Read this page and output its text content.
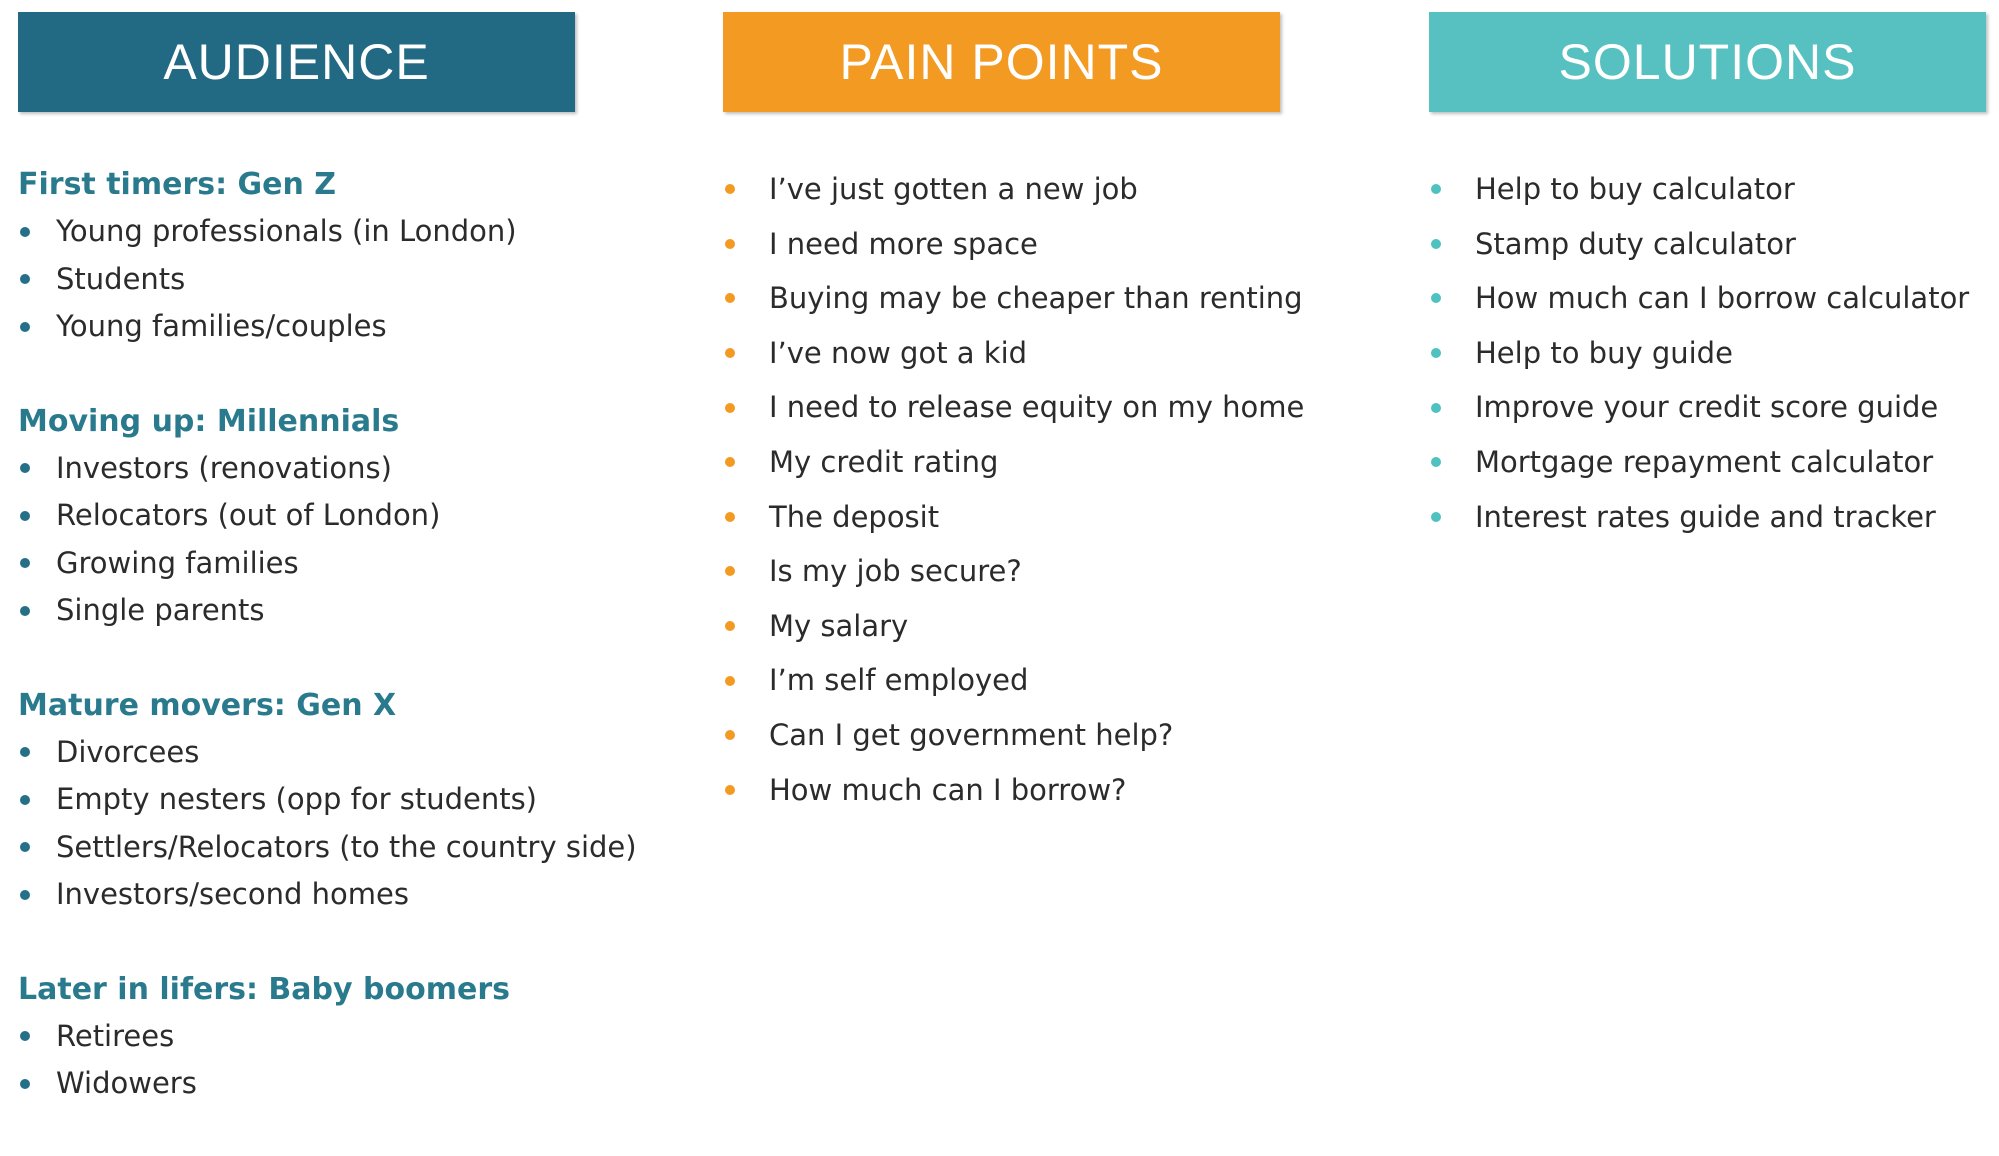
AUDIENCE
First timers: Gen Z
Young professionals (in London)
Students
Young families/couples
Moving up: Millennials
Investors (renovations)
Relocators (out of London)
Growing families
Single parents
Mature movers: Gen X
Divorcees
Empty nesters (opp for students)
Settlers/Relocators (to the country side)
Investors/second homes
Later in lifers: Baby boomers
Retirees
Widowers
PAIN POINTS
I’ve just gotten a new job
I need more space
Buying may be cheaper than renting
I’ve now got a kid
I need to release equity on my home
My credit rating
The deposit
Is my job secure?
My salary
I’m self employed
Can I get government help?
How much can I borrow?
SOLUTIONS
Help to buy calculator
Stamp duty calculator
How much can I borrow calculator
Help to buy guide
Improve your credit score guide
Mortgage repayment calculator
Interest rates guide and tracker
